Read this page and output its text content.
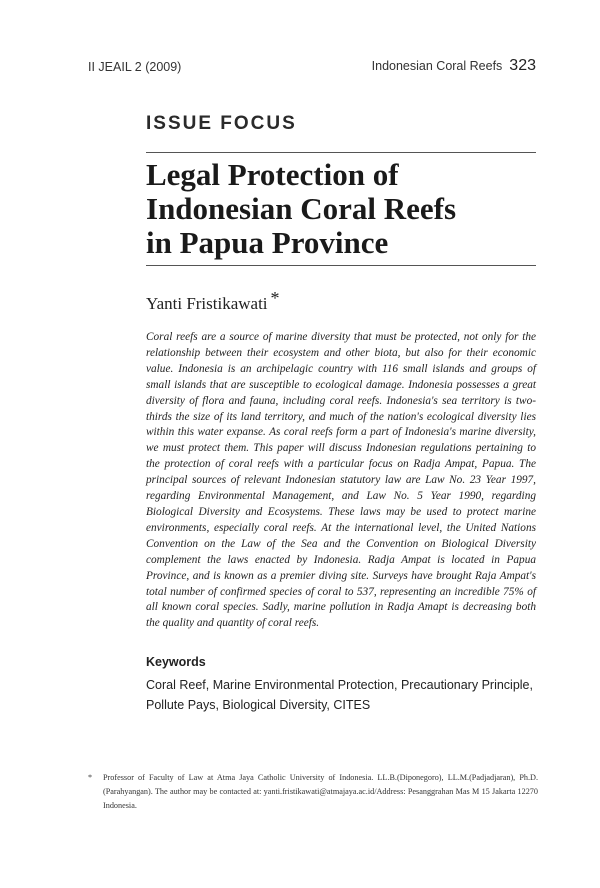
II JEAIL 2 (2009)	Indonesian Coral Reefs 323
ISSUE FOCUS
Legal Protection of
Indonesian Coral Reefs
in Papua Province
Yanti Fristikawati *
Coral reefs are a source of marine diversity that must be protected, not only for the relationship between their ecosystem and other biota, but also for their economic value. Indonesia is an archipelagic country with 116 small islands and groups of small islands that are susceptible to ecological damage. Indonesia possesses a great diversity of flora and fauna, including coral reefs. Indonesia's sea territory is two-thirds the size of its land territory, and much of the nation's ecological diversity lies within this water expanse. As coral reefs form a part of Indonesia's marine diversity, we must protect them. This paper will discuss Indonesian regulations pertaining to the protection of coral reefs with a particular focus on Radja Ampat, Papua. The principal sources of relevant Indonesian statutory law are Law No. 23 Year 1997, regarding Environmental Management, and Law No. 5 Year 1990, regarding Biological Diversity and Ecosystems. These laws may be used to protect marine environments, especially coral reefs. At the international level, the United Nations Convention on the Law of the Sea and the Convention on Biological Diversity complement the laws enacted by Indonesia. Radja Ampat is located in Papua Province, and is known as a premier diving site. Surveys have brought Raja Ampat's total number of confirmed species of coral to 537, representing an incredible 75% of all known coral species. Sadly, marine pollution in Radja Amapt is decreasing both the quality and quantity of coral reefs.
Keywords
Coral Reef, Marine Environmental Protection, Precautionary Principle, Pollute Pays, Biological Diversity, CITES
* Professor of Faculty of Law at Atma Jaya Catholic University of Indonesia. LL.B.(Diponegoro), LL.M.(Padjadjaran), Ph.D.(Parahyangan). The author may be contacted at: yanti.fristikawati@atmajaya.ac.id/Address: Pesanggrahan Mas M 15 Jakarta 12270 Indonesia.
